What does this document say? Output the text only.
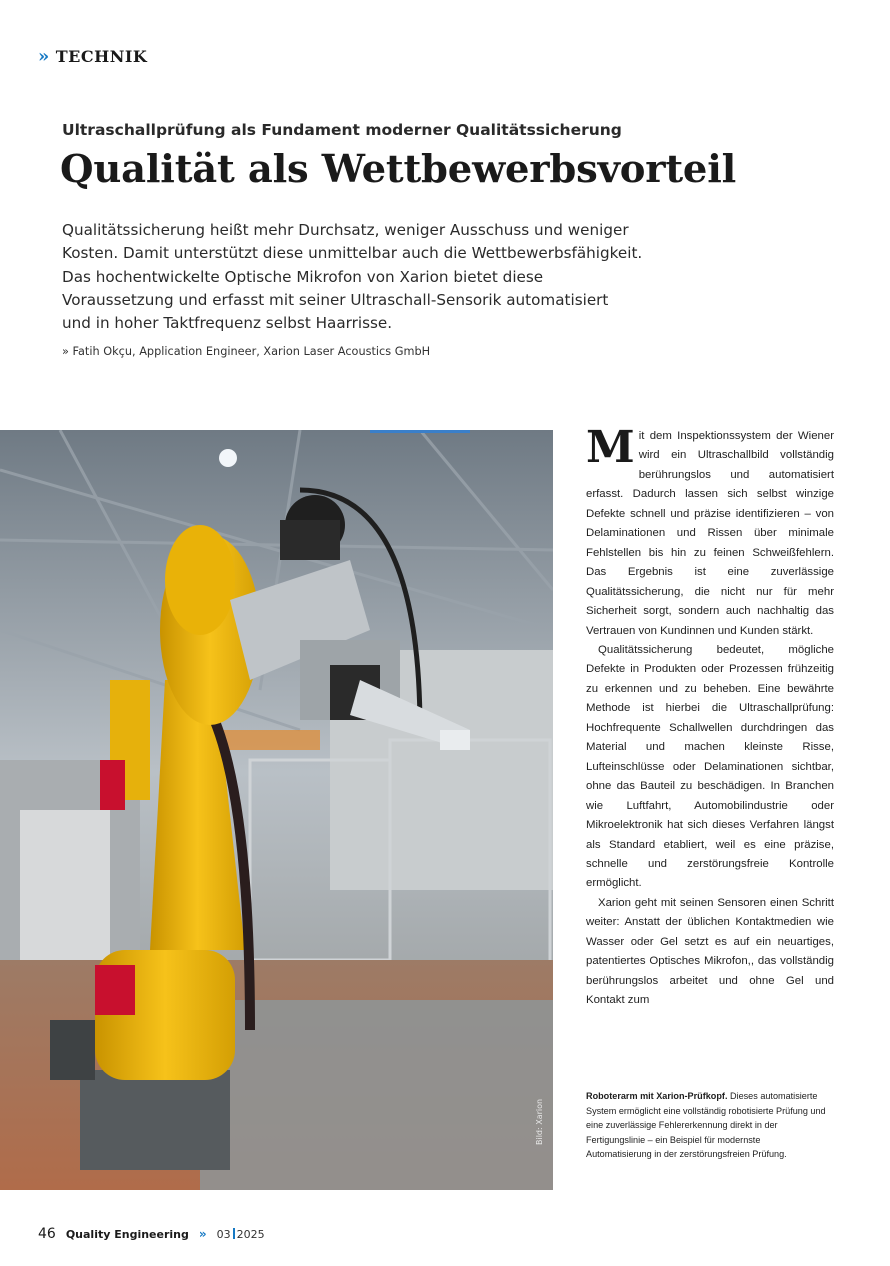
» TECHNIK
Ultraschallprüfung als Fundament moderner Qualitätssicherung
Qualität als Wettbewerbsvorteil
Qualitätssicherung heißt mehr Durchsatz, weniger Ausschuss und weniger
Kosten. Damit unterstützt diese unmittelbar auch die Wettbewerbsfähigkeit.
Das hochentwickelte Optische Mikrofon von Xarion bietet diese
Voraussetzung und erfasst mit seiner Ultraschall-Sensorik automatisiert
und in hoher Taktfrequenz selbst Haarrisse.
» Fatih Okçu, Application Engineer, Xarion Laser Acoustics GmbH
Bild: Xarion

Mit dem Inspektionssystem der Wiener wird ein Ultraschallbild vollständig berührungslos und automatisiert erfasst. Dadurch lassen sich selbst winzige Defekte schnell und präzise identifizieren – von Delaminationen und Rissen über minimale Fehlstellen bis hin zu feinen Schweißfehlern. Das Ergebnis ist eine zuverlässige Qualitätssicherung, die nicht nur für mehr Sicherheit sorgt, sondern auch nachhaltig das Vertrauen von Kundinnen und Kunden stärkt.

Qualitätssicherung bedeutet, mögliche Defekte in Produkten oder Prozessen frühzeitig zu erkennen und zu beheben. Eine bewährte Methode ist hierbei die Ultraschallprüfung: Hochfrequente Schallwellen durchdringen das Material und machen kleinste Risse, Lufteinschlüsse oder Delaminationen sichtbar, ohne das Bauteil zu beschädigen. In Branchen wie Luftfahrt, Automobilindustrie oder Mikroelektronik hat sich dieses Verfahren längst als Standard etabliert, weil es eine präzise, schnelle und zerstörungsfreie Kontrolle ermöglicht.

Xarion geht mit seinen Sensoren einen Schritt weiter: Anstatt der üblichen Kontaktmedien wie Wasser oder Gel setzt es auf ein neuartiges, patentiertes Optisches Mikrofon,, das vollständig berührungslos arbeitet und ohne Gel und Kontakt zum

Roboterarm mit Xarion-Prüfkopf. Dieses automatisierte System ermöglicht eine vollständig robotisierte Prüfung und eine zuverlässige Fehlererkennung direkt in der Fertigungslinie – ein Beispiel für modernste Automatisierung in der zerstörungsfreien Prüfung.
46 Quality Engineering » 03 2025
